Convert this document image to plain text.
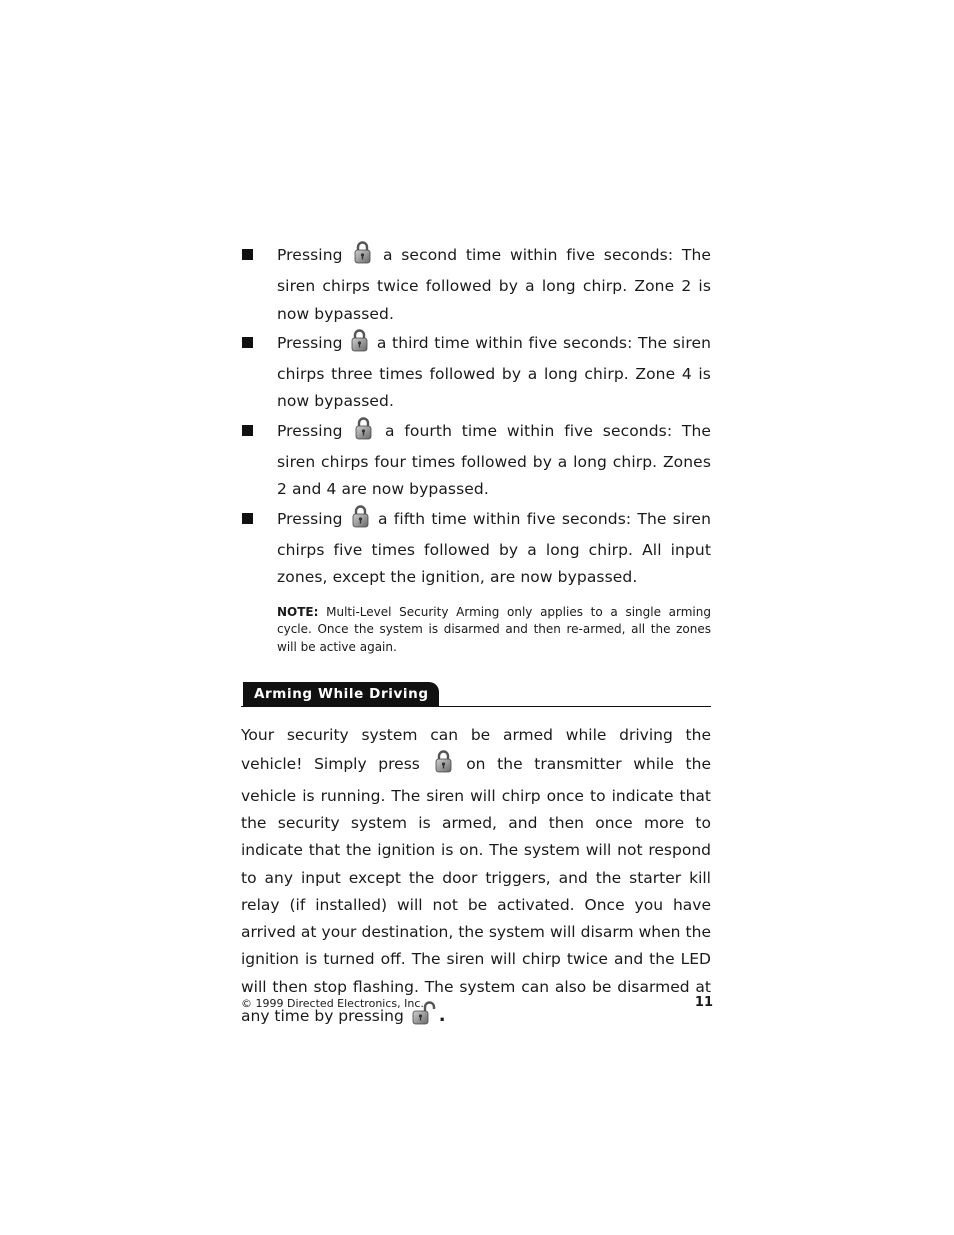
Pressing	a second time within five seconds: The siren chirps twice followed by a long chirp. Zone 2 is now bypassed.
Pressing a third time within five seconds: The siren chirps three times followed by a long chirp. Zone 4 is now bypassed.
Pressing	a fourth time within five seconds: The siren chirps four times followed by a long chirp. Zones 2 and 4 are now bypassed.
Pressing a fifth time within five seconds: The siren chirps five times followed by a long chirp. All input zones, except the ignition, are now bypassed.

NOTE: Multi-Level Security Arming only applies to a single arming cycle. Once the system is disarmed and then re-armed, all the zones will be active again.

Arming While Driving

Your security system can be armed while driving the vehicle! Simply press	on the transmitter while the vehicle is running. The siren will chirp once to indicate that the security system is armed, and then once more to indicate that the ignition is on. The system will not respond to any input except the door triggers, and the starter kill relay (if installed) will not be activated. Once you have arrived at your destination, the system will disarm when the ignition is turned off. The siren will chirp twice and the LED will then stop flashing. The system can also be disarmed at any time by pressing .

© 1999 Directed Electronics, Inc.	11
